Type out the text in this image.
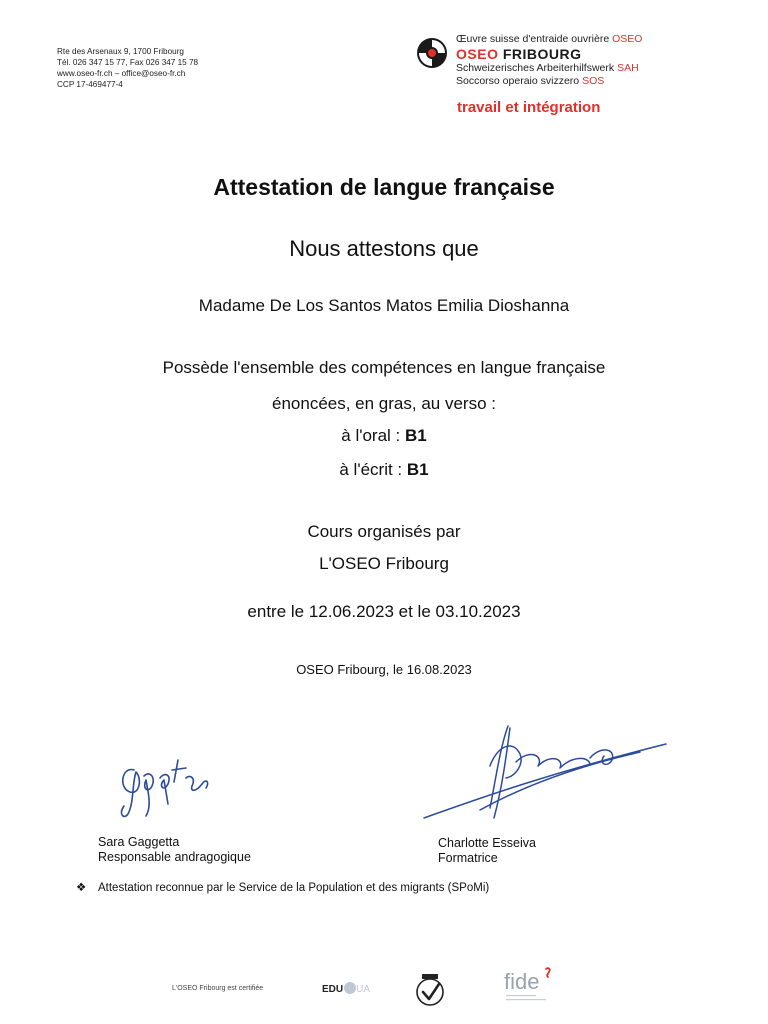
Rte des Arsenaux 9, 1700 Fribourg
Tél. 026 347 15 77, Fax 026 347 15 78
www.oseo-fr.ch – office@oseo-fr.ch
CCP 17-469477-4
Œuvre suisse d'entraide ouvrière OSEO
OSEO FRIBOURG
Schweizerisches Arbeiterhilfswerk SAH
Soccorso operaio svizzero SOS
travail et intégration
Attestation de langue française
Nous attestons que
Madame De Los Santos Matos Emilia Dioshanna
Possède l'ensemble des compétences en langue française
énoncées, en gras, au verso :
à l'oral : B1
à l'écrit : B1
Cours organisés par
L'OSEO Fribourg
entre le 12.06.2023 et le 03.10.2023
OSEO Fribourg, le 16.08.2023
Sara Gaggetta
Responsable andragogique
Charlotte Esseiva
Formatrice
❖ Attestation reconnue par le Service de la Population et des migrants (SPoMi)
L'OSEO Fribourg est certifiée	EDU UA	fide
